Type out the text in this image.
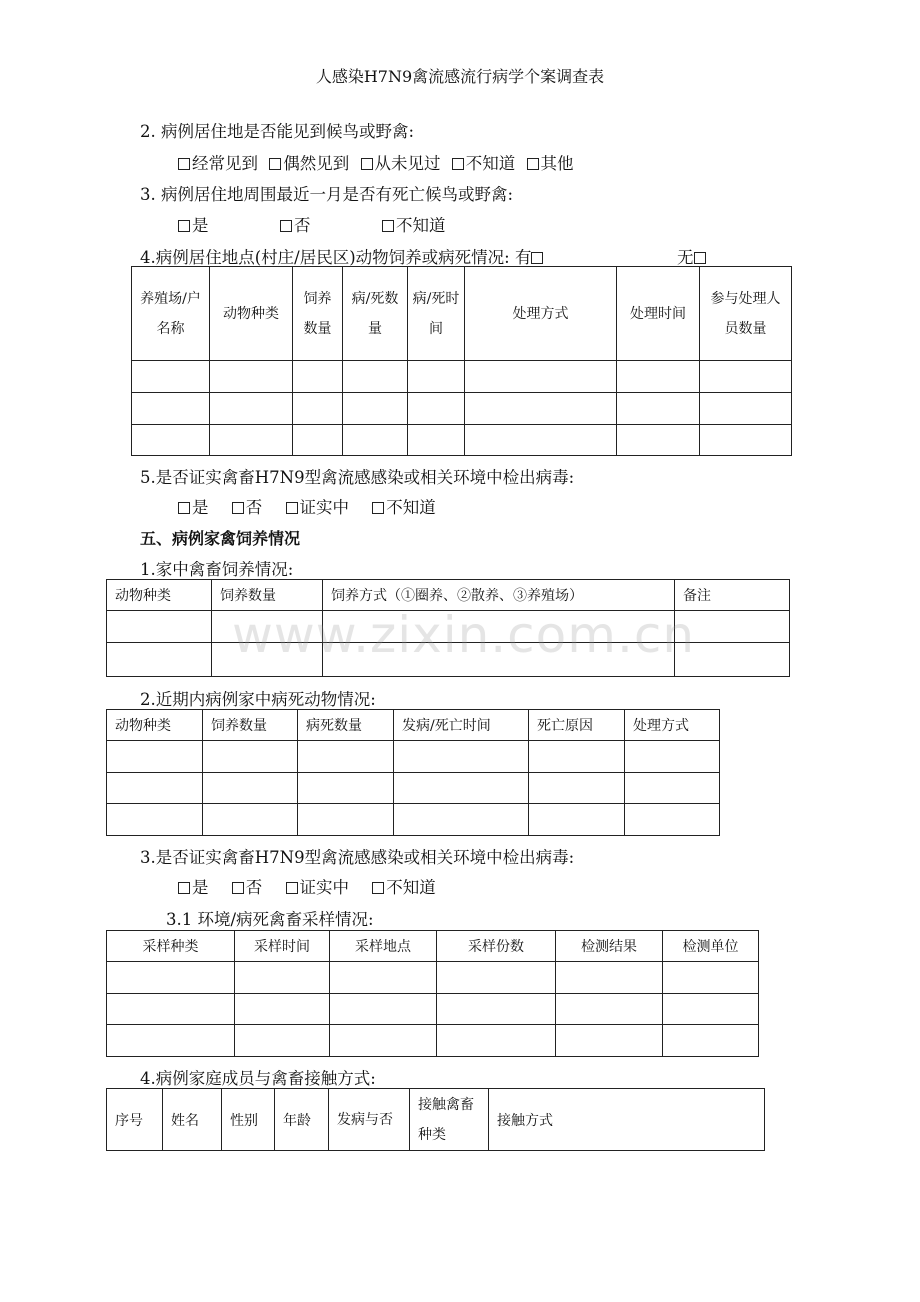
人感染H7N9禽流感流行病学个案调查表
2. 病例居住地是否能见到候鸟或野禽:
经常见到 偶然见到 从未见过 不知道 其他
3. 病例居住地周围最近一月是否有死亡候鸟或野禽:
是	否	不知道
4.病例居住地点(村庄/居民区)动物饲养或病死情况: 有	无
养殖场/户名称	动物种类	饲养数量	病/死数量	病/死时间	处理方式	处理时间	参与处理人员数量

5.是否证实禽畜H7N9型禽流感感染或相关环境中检出病毒:
是 否 证实中 不知道
五、病例家禽饲养情况
1.家中禽畜饲养情况:
动物种类	饲养数量	饲养方式（①圈养、②散养、③养殖场）	备注

2.近期内病例家中病死动物情况:
动物种类	饲养数量	病死数量	发病/死亡时间	死亡原因	处理方式

3.是否证实禽畜H7N9型禽流感感染或相关环境中检出病毒:
是 否 证实中 不知道
3.1 环境/病死禽畜采样情况:
采样种类	采样时间	采样地点	采样份数	检测结果	检测单位

4.病例家庭成员与禽畜接触方式:
序号	姓名	性别	年龄	发病与否	接触禽畜种类	接触方式
www.zixin.com.cn
